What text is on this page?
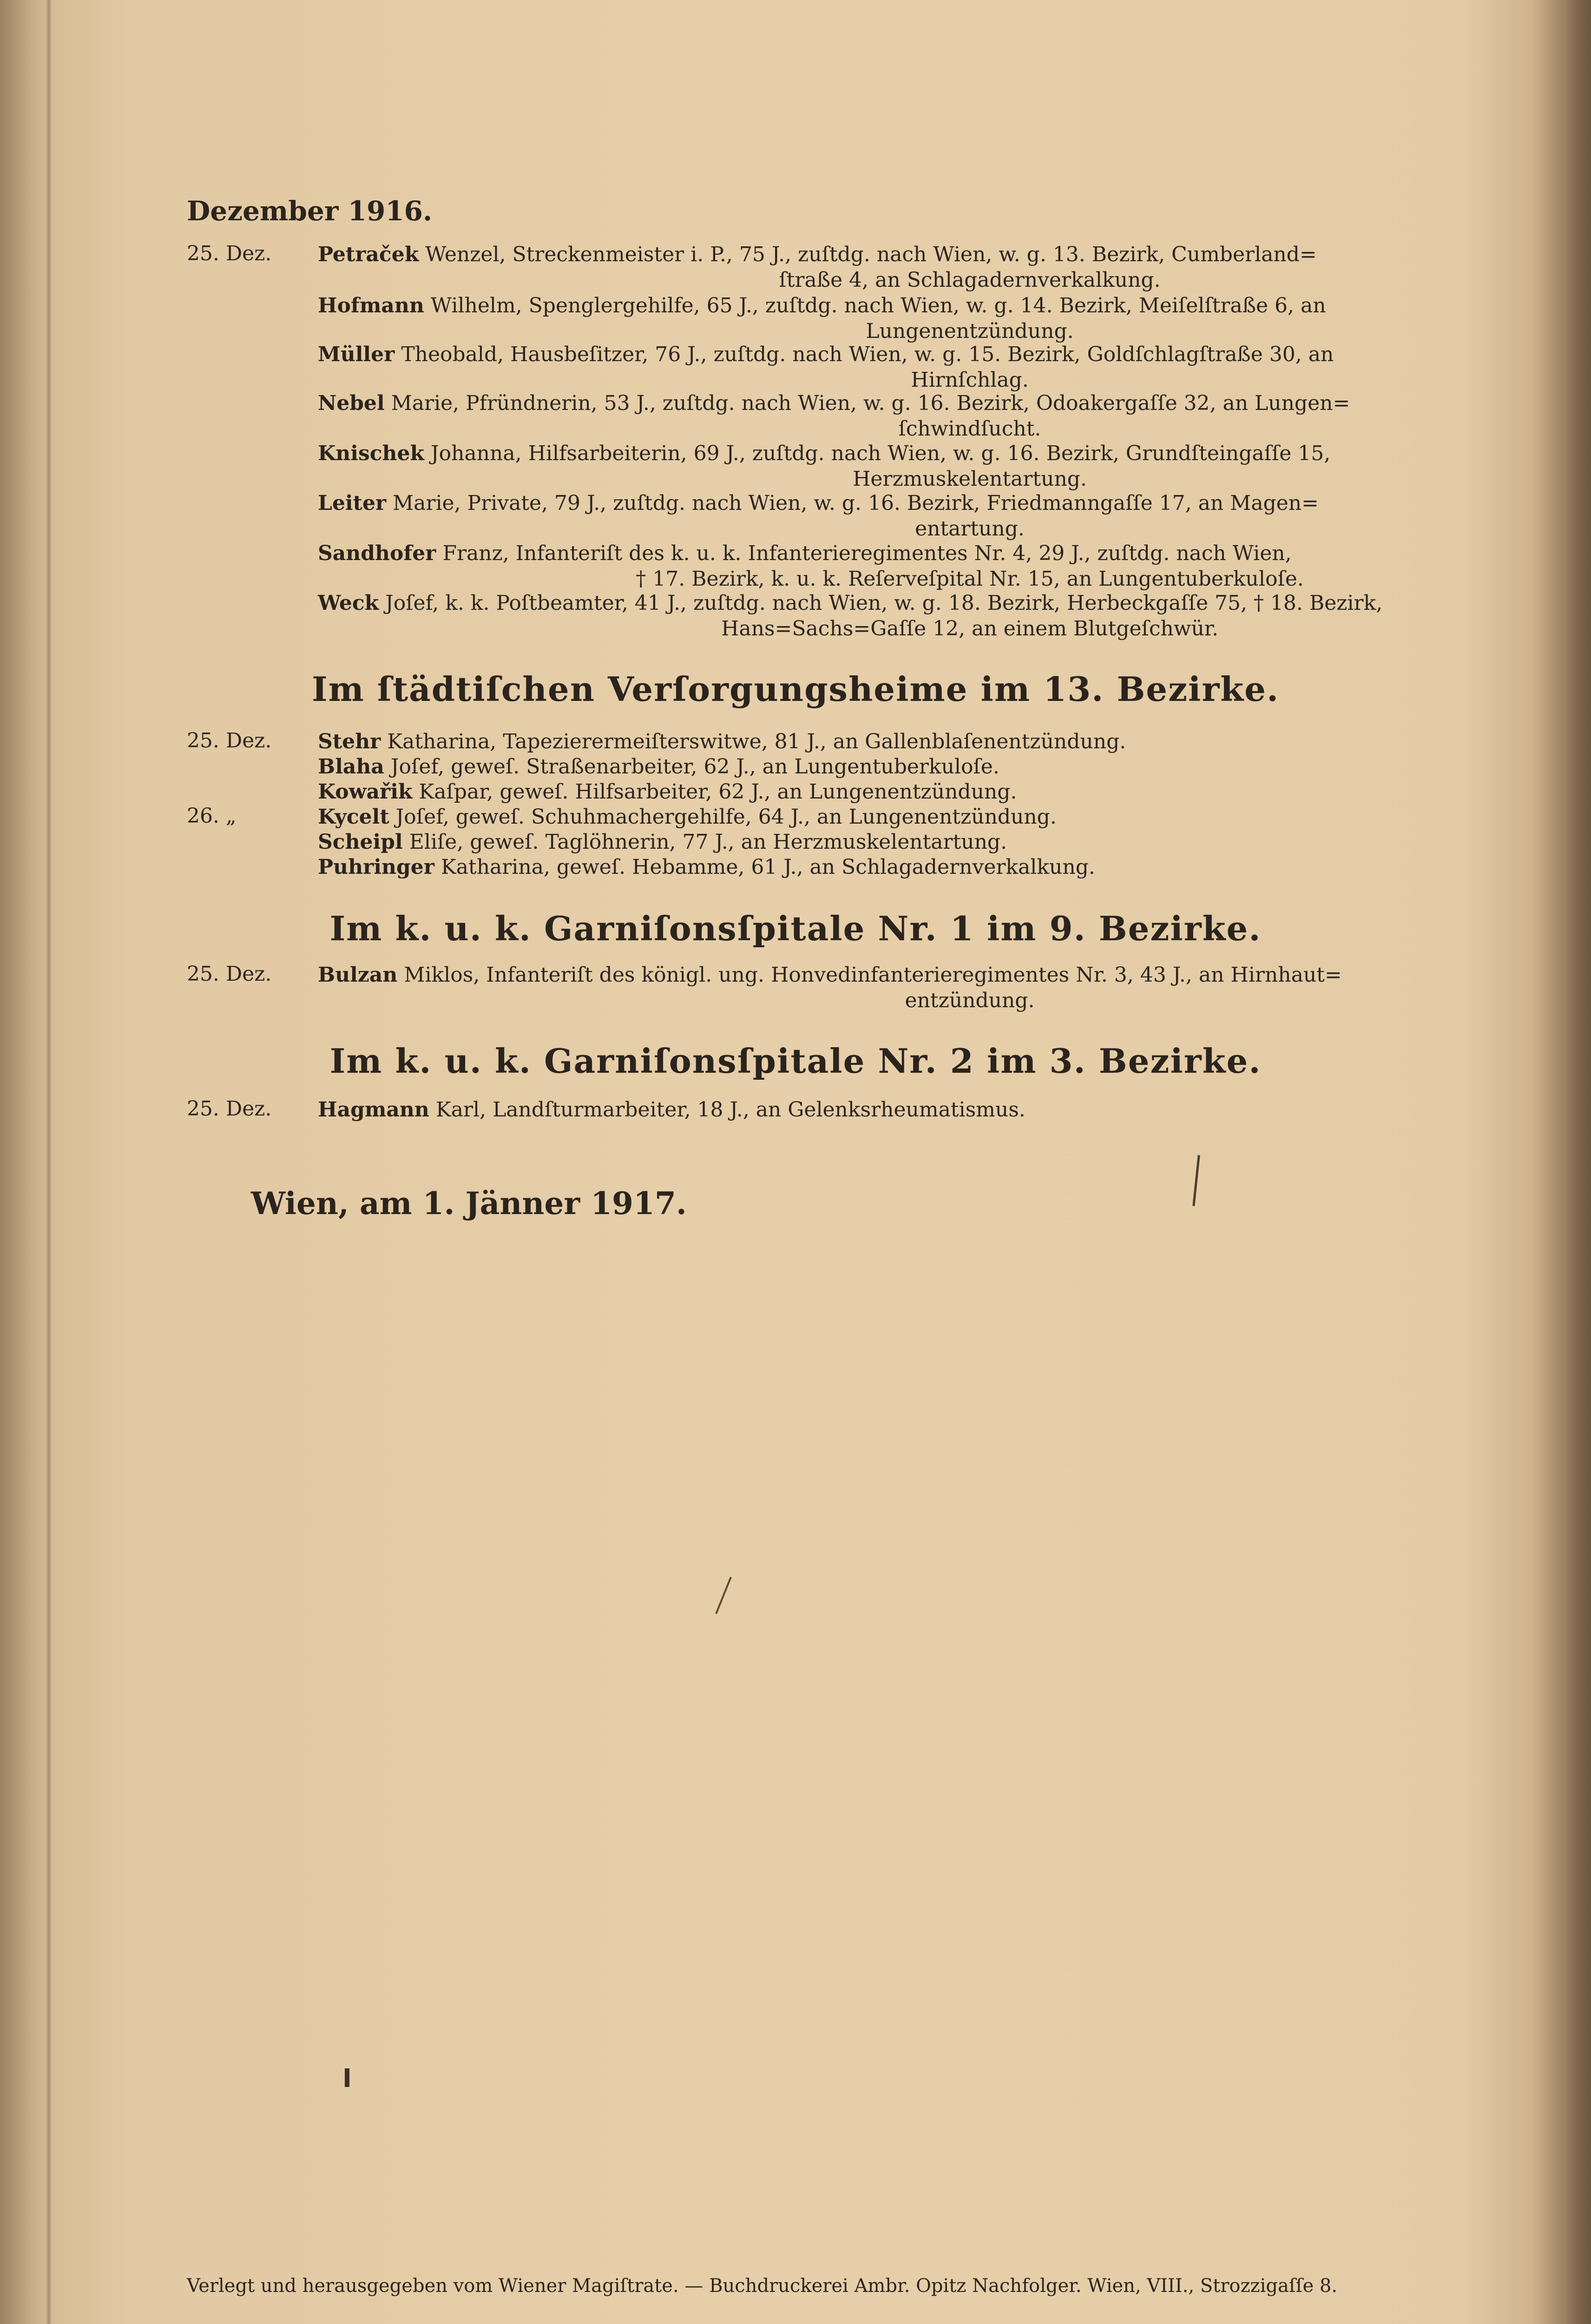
Dezember 1916.
25. Dez.	Petraček Wenzel, Streckenmeister i. P., 75 J., zuſtdg. nach Wien, w. g. 13. Bezirk, Cumberland=
ſtraße 4, an Schlagadernverkalkung.
Hofmann Wilhelm, Spenglergehilfe, 65 J., zuſtdg. nach Wien, w. g. 14. Bezirk, Meiſelſtraße 6, an
Lungenentzündung.
Müller Theobald, Hausbeſitzer, 76 J., zuſtdg. nach Wien, w. g. 15. Bezirk, Goldſchlagſtraße 30, an
Hirnſchlag.
Nebel Marie, Pfründnerin, 53 J., zuſtdg. nach Wien, w. g. 16. Bezirk, Odoakergaſſe 32, an Lungen=
ſchwindſucht.
Knischek Johanna, Hilfsarbeiterin, 69 J., zuſtdg. nach Wien, w. g. 16. Bezirk, Grundſteingaſſe 15,
Herzmuskelentartung.
Leiter Marie, Private, 79 J., zuſtdg. nach Wien, w. g. 16. Bezirk, Friedmanngaſſe 17, an Magen=
entartung.
Sandhofer Franz, Infanteriſt des k. u. k. Infanterieregimentes Nr. 4, 29 J., zuſtdg. nach Wien,
† 17. Bezirk, k. u. k. Reſerveſpital Nr. 15, an Lungentuberkuloſe.
Weck Joſef, k. k. Poſtbeamter, 41 J., zuſtdg. nach Wien, w. g. 18. Bezirk, Herbeckgaſſe 75, † 18. Bezirk,
Hans=Sachs=Gaſſe 12, an einem Blutgeſchwür.
Im ſtädtiſchen Verſorgungsheime im 13. Bezirke.
25. Dez.	Stehr Katharina, Tapezierermeiſterswitwe, 81 J., an Gallenblaſenentzündung.
Blaha Joſef, geweſ. Straßenarbeiter, 62 J., an Lungentuberkuloſe.
Kowařik Kaſpar, geweſ. Hilfsarbeiter, 62 J., an Lungenentzündung.
26. „	Kycelt Joſef, geweſ. Schuhmachergehilfe, 64 J., an Lungenentzündung.
Scheipl Eliſe, geweſ. Taglöhnerin, 77 J., an Herzmuskelentartung.
Puhringer Katharina, geweſ. Hebamme, 61 J., an Schlagadernverkalkung.
Im k. u. k. Garniſonsſpitale Nr. 1 im 9. Bezirke.
25. Dez.	Bulzan Miklos, Infanteriſt des königl. ung. Honvedinfanterieregimentes Nr. 3, 43 J., an Hirnhaut=
entzündung.
Im k. u. k. Garniſonsſpitale Nr. 2 im 3. Bezirke.
25. Dez.	Hagmann Karl, Landſturmarbeiter, 18 J., an Gelenksrheumatismus.
Wien, am 1. Jänner 1917.
Verlegt und herausgegeben vom Wiener Magiſtrate. — Buchdruckerei Ambr. Opitz Nachfolger. Wien, VIII., Strozzigaſſe 8.
